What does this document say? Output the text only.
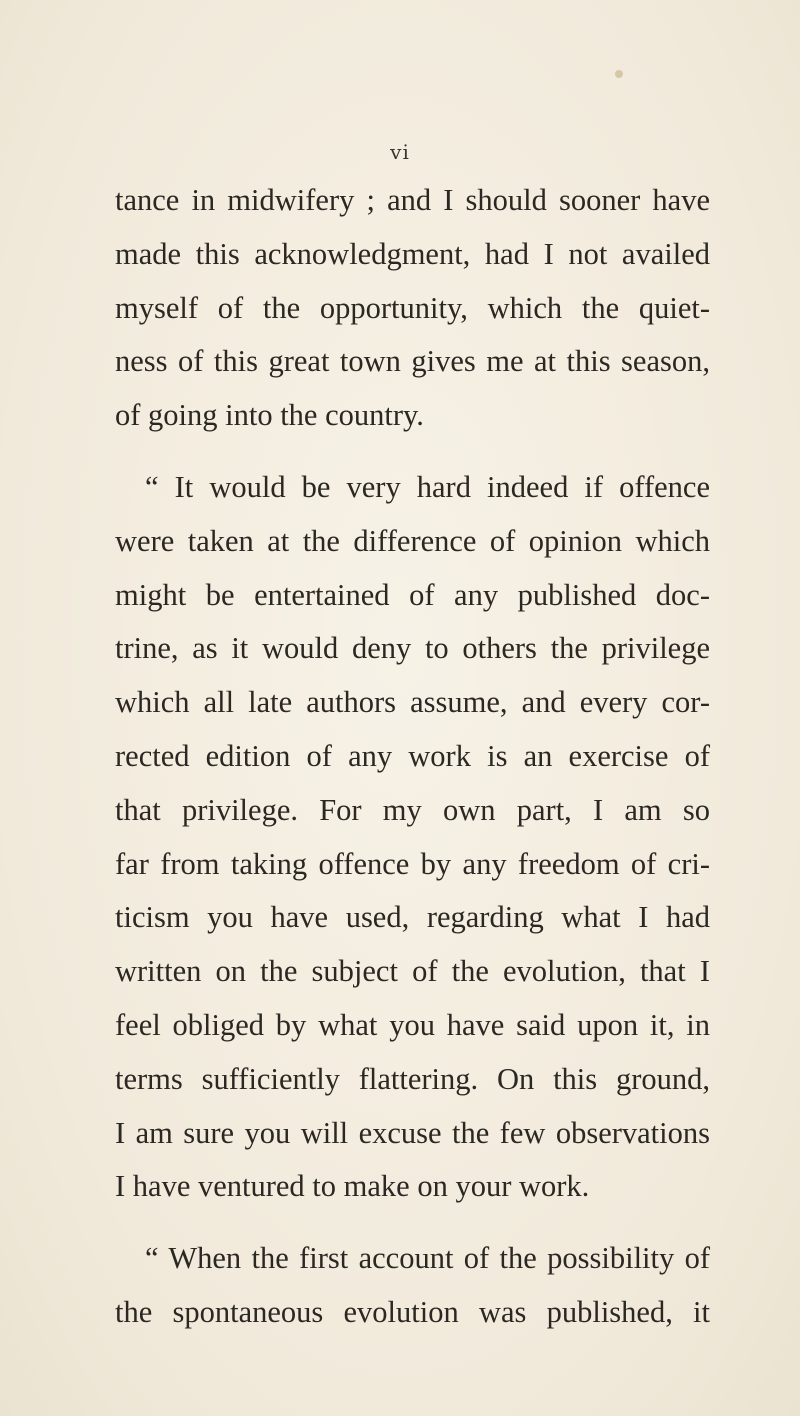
vi
tance in midwifery ; and I should sooner have
made this acknowledgment, had I not availed
myself of the opportunity, which the quiet-
ness of this great town gives me at this season,
of going into the country.
“ It would be very hard indeed if offence
were taken at the difference of opinion which
might be entertained of any published doc-
trine, as it would deny to others the privilege
which all late authors assume, and every cor-
rected edition of any work is an exercise of
that privilege. For my own part, I am so
far from taking offence by any freedom of cri-
ticism you have used, regarding what I had
written on the subject of the evolution, that I
feel obliged by what you have said upon it, in
terms sufficiently flattering. On this ground,
I am sure you will excuse the few observations
I have ventured to make on your work.
“ When the first account of the possibility of
the spontaneous evolution was published, it
